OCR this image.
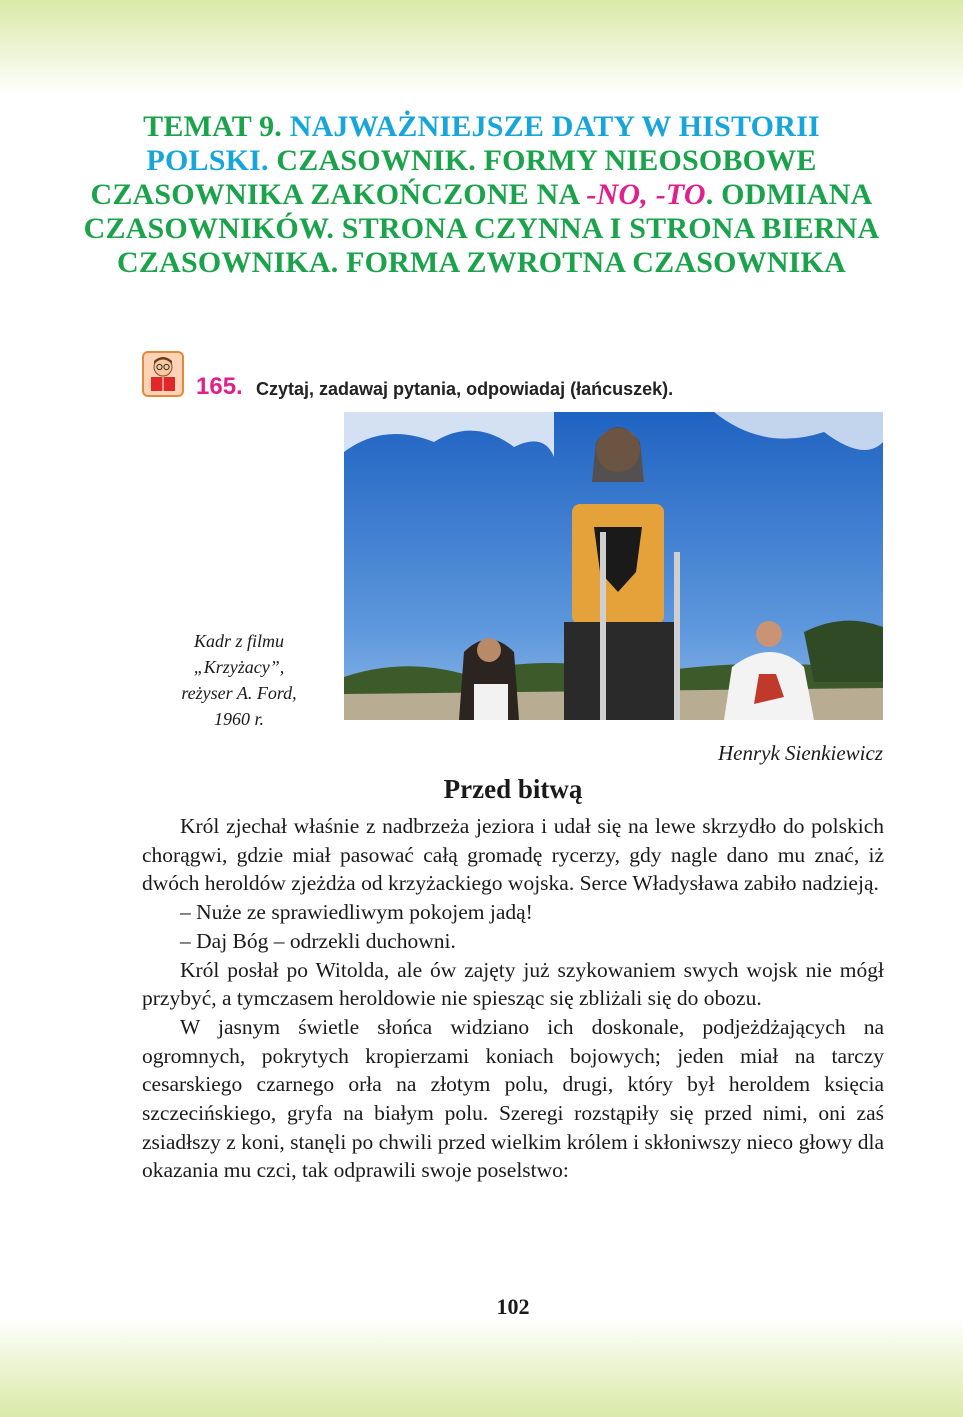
TEMAT 9. NAJWAŻNIEJSZE DATY W HISTORII POLSKI. CZASOWNIK. FORMY NIEOSOBOWE CZASOWNIKA ZAKOŃCZONE NA -NO, -TO. ODMIANA CZASOWNIKÓW. STRONA CZYNNA I STRONA BIERNA CZASOWNIKA. FORMA ZWROTNA CZASOWNIKA
165. Czytaj, zadawaj pytania, odpowiadaj (łańcuszek).
Kadr z filmu
„Krzyżacy”,
reżyser A. Ford,
1960 r.
Henryk Sienkiewicz
Przed bitwą

Król zjechał właśnie z nadbrzeża jeziora i udał się na lewe skrzydło do polskich chorągwi, gdzie miał pasować całą gromadę rycerzy, gdy nagle dano mu znać, iż dwóch heroldów zjeżdża od krzyżackiego wojska. Serce Władysława zabiło nadzieją.

– Nuże ze sprawiedliwym pokojem jadą!

– Daj Bóg – odrzekli duchowni.

Król posłał po Witolda, ale ów zajęty już szykowaniem swych wojsk nie mógł przybyć, a tymczasem heroldowie nie spiesząc się zbliżali się do obozu.

W jasnym świetle słońca widziano ich doskonale, podjeżdżających na ogromnych, pokrytych kropierzami koniach bojowych; jeden miał na tarczy cesarskiego czarnego orła na złotym polu, drugi, który był heroldem księcia szczecińskiego, gryfa na białym polu. Szeregi rozstąpiły się przed nimi, oni zaś zsiadłszy z koni, stanęli po chwili przed wielkim królem i skłoniwszy nieco głowy dla okazania mu czci, tak odprawili swoje poselstwo:

102
